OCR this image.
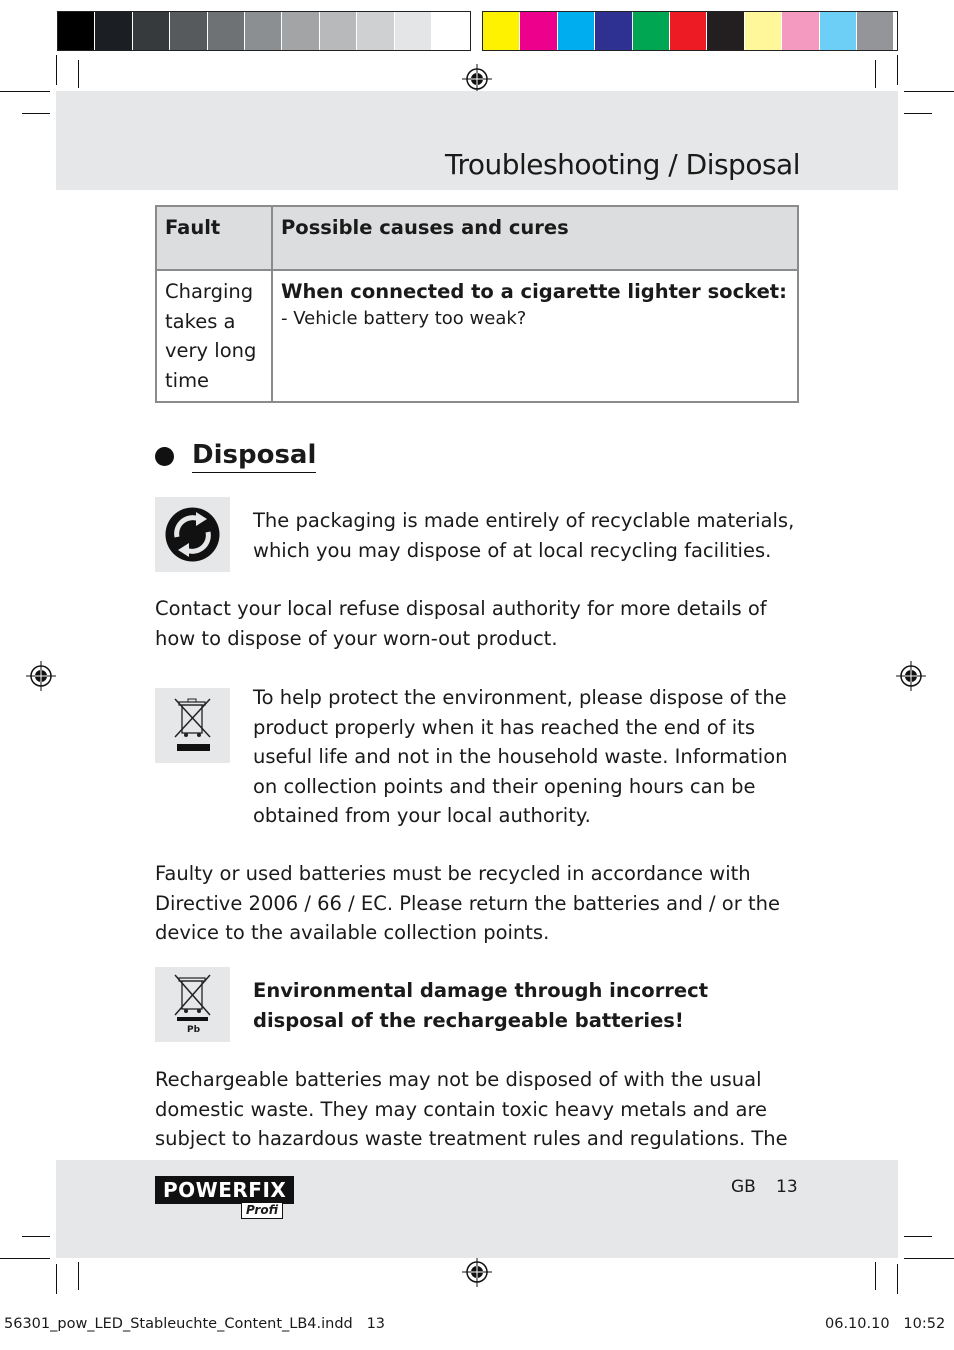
Troubleshooting / Disposal
Fault	Possible causes and cures
Charging takes a very long time	When connected to a cigarette lighter socket:
- Vehicle battery too weak?
Disposal
The packaging is made entirely of recyclable materials, which you may dispose of at local recycling facilities.
Contact your local refuse disposal authority for more details of how to dispose of your worn-out product.
To help protect the environment, please dispose of the product properly when it has reached the end of its useful life and not in the household waste. Information on collection points and their opening hours can be obtained from your local authority.
Faulty or used batteries must be recycled in accordance with Directive 2006 / 66 / EC. Please return the batteries and / or the device to the available collection points.
Pb
Environmental damage through incorrect disposal of the rechargeable batteries!
Rechargeable batteries may not be disposed of with the usual domestic waste. They may contain toxic heavy metals and are subject to hazardous waste treatment rules and regulations. The
POWERFIX
Profi
GB 13
56301_pow_LED_Stableuchte_Content_LB4.indd   13	06.10.10   10:52
